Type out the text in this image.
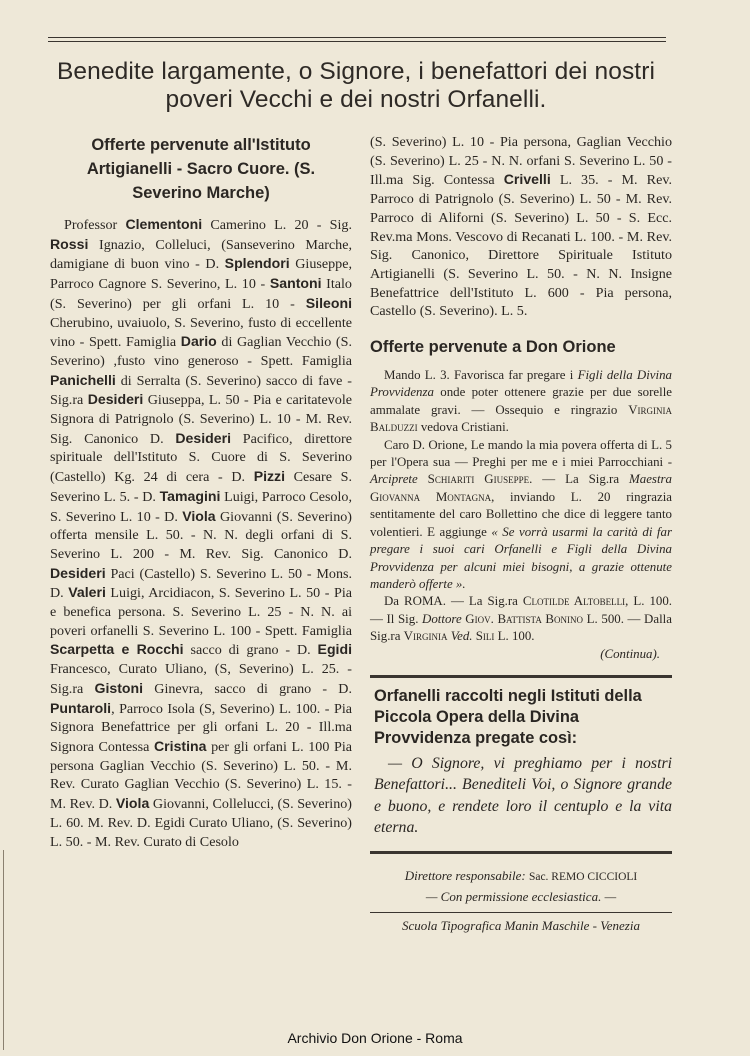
Benedite largamente, o Signore, i benefattori dei nostri poveri Vecchi e dei nostri Orfanelli.
Offerte pervenute all'Istituto Artigianelli - Sacro Cuore. (S. Severino Marche)

Professor Clementoni Camerino L. 20 - Sig. Rossi Ignazio, Colleluci, (Sanseverino Marche, damigiane di buon vino - D. Splendori Giuseppe, Parroco Cagnore S. Severino, L. 10 - Santoni Italo (S. Severino) per gli orfani L. 10 - Sileoni Cherubino, uvaiuolo, S. Severino, fusto di eccellente vino - Spett. Famiglia Dario di Gaglian Vecchio (S. Severino) ,fusto vino generoso - Spett. Famiglia Panichelli di Serralta (S. Severino) sacco di fave - Sig.ra Desideri Giuseppa, L. 50 - Pia e caritatevole Signora di Patrignolo (S. Severino) L. 10 - M. Rev. Sig. Canonico D. Desideri Pacifico, direttore spirituale dell'Istituto S. Cuore di S. Severino (Castello) Kg. 24 di cera - D. Pizzi Cesare S. Severino L. 5. - D. Tamagini Luigi, Parroco Cesolo, S. Severino L. 10 - D. Viola Giovanni (S. Severino) offerta mensile L. 50. - N. N. degli orfani di S. Severino L. 200 - M. Rev. Sig. Canonico D. Desideri Paci (Castello) S. Severino L. 50 - Mons. D. Valeri Luigi, Arcidiacon, S. Severino L. 50 - Pia e benefica persona. S. Severino L. 25 - N. N. ai poveri orfanelli S. Severino L. 100 - Spett. Famiglia Scarpetta e Rocchi sacco di grano - D. Egidi Francesco, Curato Uliano, (S, Severino) L. 25. - Sig.ra Gistoni Ginevra, sacco di grano - D. Puntaroli, Parroco Isola (S, Severino) L. 100. - Pia Signora Benefattrice per gli orfani L. 20 - Ill.ma Signora Contessa Cristina per gli orfani L. 100 Pia persona Gaglian Vecchio (S. Severino) L. 50. - M. Rev. Curato Gaglian Vecchio (S. Severino) L. 15. - M. Rev. D. Viola Giovanni, Collelucci, (S. Severino) L. 60. M. Rev. D. Egidi Curato Uliano, (S. Severino) L. 50. - M. Rev. Curato di Cesolo

(S. Severino) L. 10 - Pia persona, Gaglian Vecchio (S. Severino) L. 25 - N. N. orfani S. Severino L. 50 - Ill.ma Sig. Contessa Crivelli L. 35. - M. Rev. Parroco di Patrignolo (S. Severino) L. 50 - M. Rev. Parroco di Aliforni (S. Severino) L. 50 - S. Ecc. Rev.ma Mons. Vescovo di Recanati L. 100. - M. Rev. Sig. Canonico, Direttore Spirituale Istituto Artigianelli (S. Severino L. 50. - N. N. Insigne Benefattrice dell'Istituto L. 600 - Pia persona, Castello (S. Severino). L. 5.

Offerte pervenute a Don Orione

Mando L. 3. Favorisca far pregare i Figli della Divina Provvidenza onde poter ottenere grazie per due sorelle ammalate gravi. — Ossequio e ringrazio Virginia Balduzzi vedova Cristiani.

Caro D. Orione, Le mando la mia povera offerta di L. 5 per l'Opera sua — Preghi per me e i miei Parrocchiani - Arciprete Schiariti Giuseppe. — La Sig.ra Maestra Giovanna Montagna, inviando L. 20 ringrazia sentitamente del caro Bollettino che dice di leggere tanto volentieri. E aggiunge « Se vorrà usarmi la carità di far pregare i suoi cari Orfanelli e Figli della Divina Provvidenza per alcuni miei bisogni, a grazie ottenute manderò offerte ».

Da ROMA. — La Sig.ra Clotilde Altobelli, L. 100. — Il Sig. Dottore Giov. Battista Bonino L. 500. — Dalla Sig.ra Virginia Ved. Sili L. 100.

(Continua).
Orfanelli raccolti negli Istituti della Piccola Opera della Divina Provvidenza pregate così:
— O Signore, vi preghiamo per i nostri Benefattori... Benediteli Voi, o Signore grande e buono, e rendete loro il centuplo e la vita eterna.
Direttore responsabile: Sac. REMO CICCIOLI
— Con permissione ecclesiastica. —
Scuola Tipografica Manin Maschile - Venezia
Archivio Don Orione - Roma
